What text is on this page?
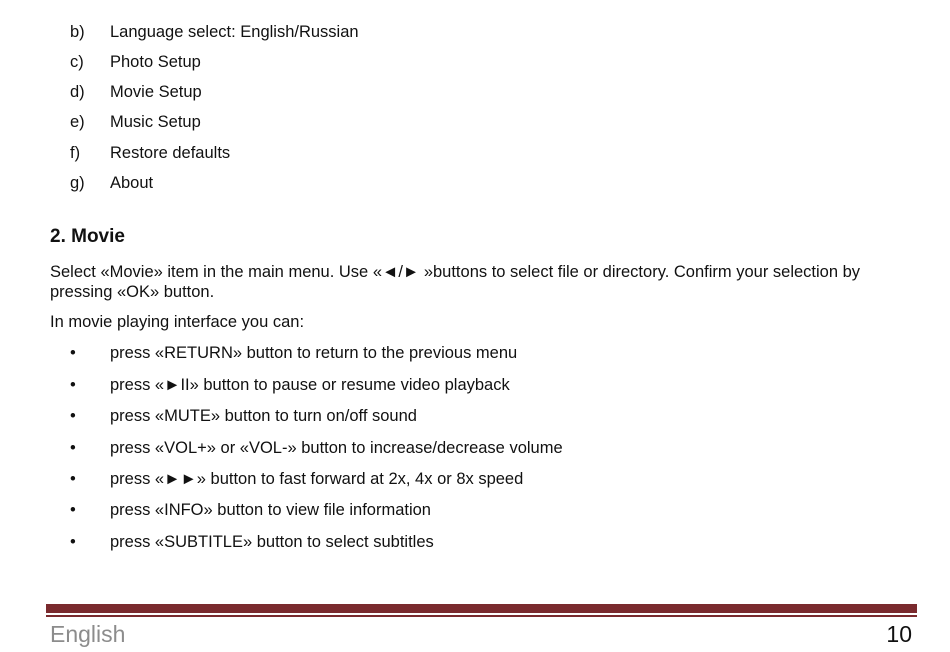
b) Language select: English/Russian
c) Photo Setup
d) Movie Setup
e) Music Setup
f) Restore defaults
g) About
2. Movie
Select «Movie» item in the main menu. Use «◄/► »buttons to select file or directory. Confirm your selection by pressing «OK» button.
In movie playing interface you can:
• press «RETURN» button to return to the previous menu
• press «►II» button to pause or resume video playback
• press «MUTE» button to turn on/off sound
• press «VOL+» or «VOL-» button to increase/decrease volume
• press «►►» button to fast forward at 2x, 4x or 8x speed
• press «INFO» button to view file information
• press «SUBTITLE» button to select subtitles
English	10
